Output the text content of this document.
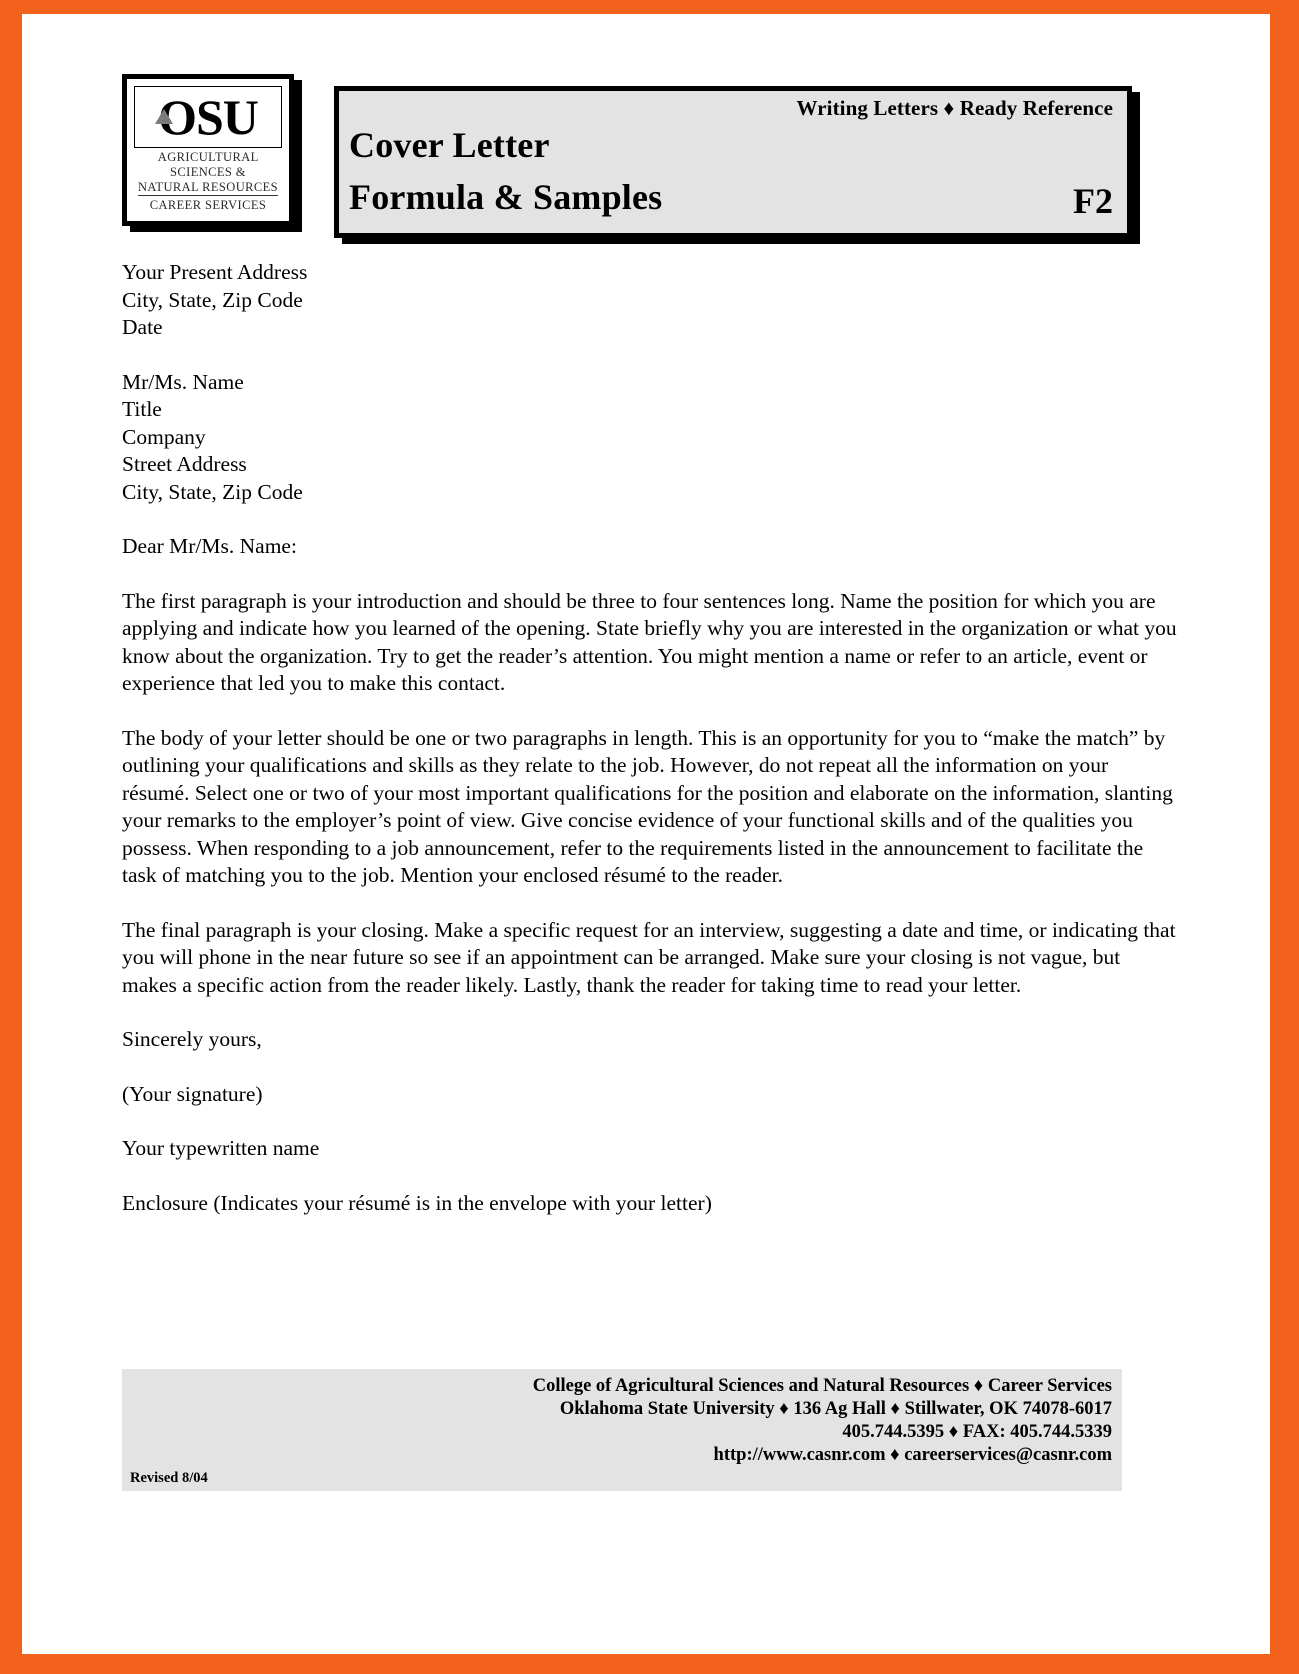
OSU
AGRICULTURAL SCIENCES & NATURAL RESOURCES
CAREER SERVICES
Writing Letters ♦ Ready Reference
Cover Letter
Formula & Samples	F2
Your Present Address
City, State, Zip Code
Date
Mr/Ms. Name
Title
Company
Street Address
City, State, Zip Code
Dear Mr/Ms. Name:
The first paragraph is your introduction and should be three to four sentences long. Name the position for which you are applying and indicate how you learned of the opening. State briefly why you are interested in the organization or what you know about the organization. Try to get the reader’s attention. You might mention a name or refer to an article, event or experience that led you to make this contact.
The body of your letter should be one or two paragraphs in length. This is an opportunity for you to “make the match” by outlining your qualifications and skills as they relate to the job. However, do not repeat all the information on your résumé. Select one or two of your most important qualifications for the position and elaborate on the information, slanting your remarks to the employer’s point of view. Give concise evidence of your functional skills and of the qualities you possess. When responding to a job announcement, refer to the requirements listed in the announcement to facilitate the task of matching you to the job. Mention your enclosed résumé to the reader.
The final paragraph is your closing. Make a specific request for an interview, suggesting a date and time, or indicating that you will phone in the near future so see if an appointment can be arranged. Make sure your closing is not vague, but makes a specific action from the reader likely. Lastly, thank the reader for taking time to read your letter.
Sincerely yours,
(Your signature)
Your typewritten name
Enclosure (Indicates your résumé is in the envelope with your letter)
College of Agricultural Sciences and Natural Resources ♦ Career Services
Oklahoma State University ♦ 136 Ag Hall ♦ Stillwater, OK 74078-6017
405.744.5395 ♦ FAX: 405.744.5339
http://www.casnr.com ♦ careerservices@casnr.com
Revised 8/04
